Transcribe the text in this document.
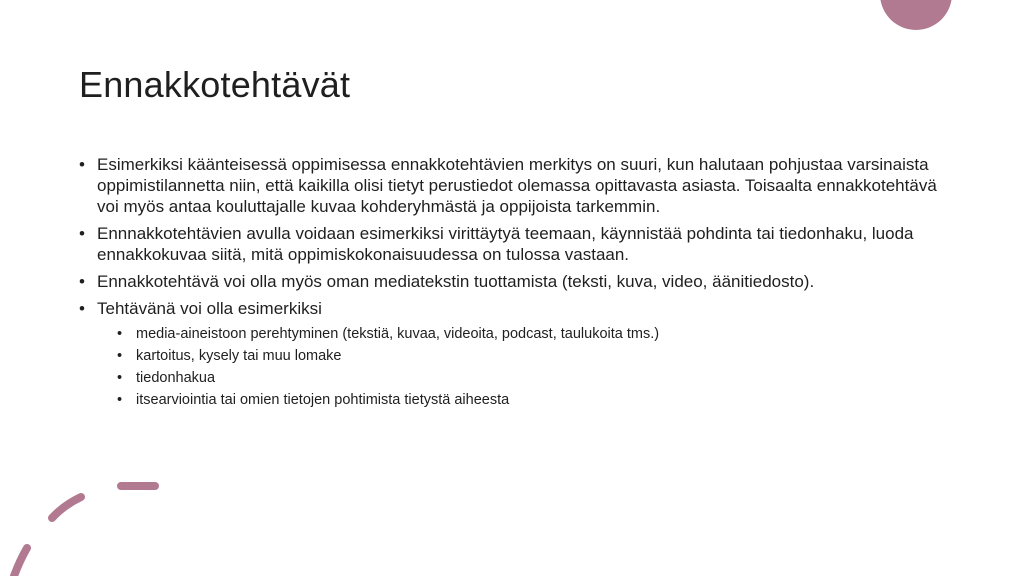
Ennakkotehtävät
• Esimerkiksi käänteisessä oppimisessa ennakkotehtävien merkitys on suuri, kun halutaan pohjustaa varsinaista oppimistilannetta niin, että kaikilla olisi tietyt perustiedot olemassa opittavasta asiasta. Toisaalta ennakkotehtävä voi myös antaa kouluttajalle kuvaa kohderyhmästä ja oppijoista tarkemmin.
• Ennnakkotehtävien avulla voidaan esimerkiksi virittäytyä teemaan, käynnistää pohdinta tai tiedonhaku, luoda ennakkokuvaa siitä, mitä oppimiskokonaisuudessa on tulossa vastaan.
• Ennakkotehtävä voi olla myös oman mediatekstin tuottamista (teksti, kuva, video, äänitiedosto).
• Tehtävänä voi olla esimerkiksi
• media-aineistoon perehtyminen (tekstiä, kuvaa, videoita, podcast, taulukoita tms.)
• kartoitus, kysely tai muu lomake
• tiedonhakua
• itsearviointia tai omien tietojen pohtimista tietystä aiheesta
